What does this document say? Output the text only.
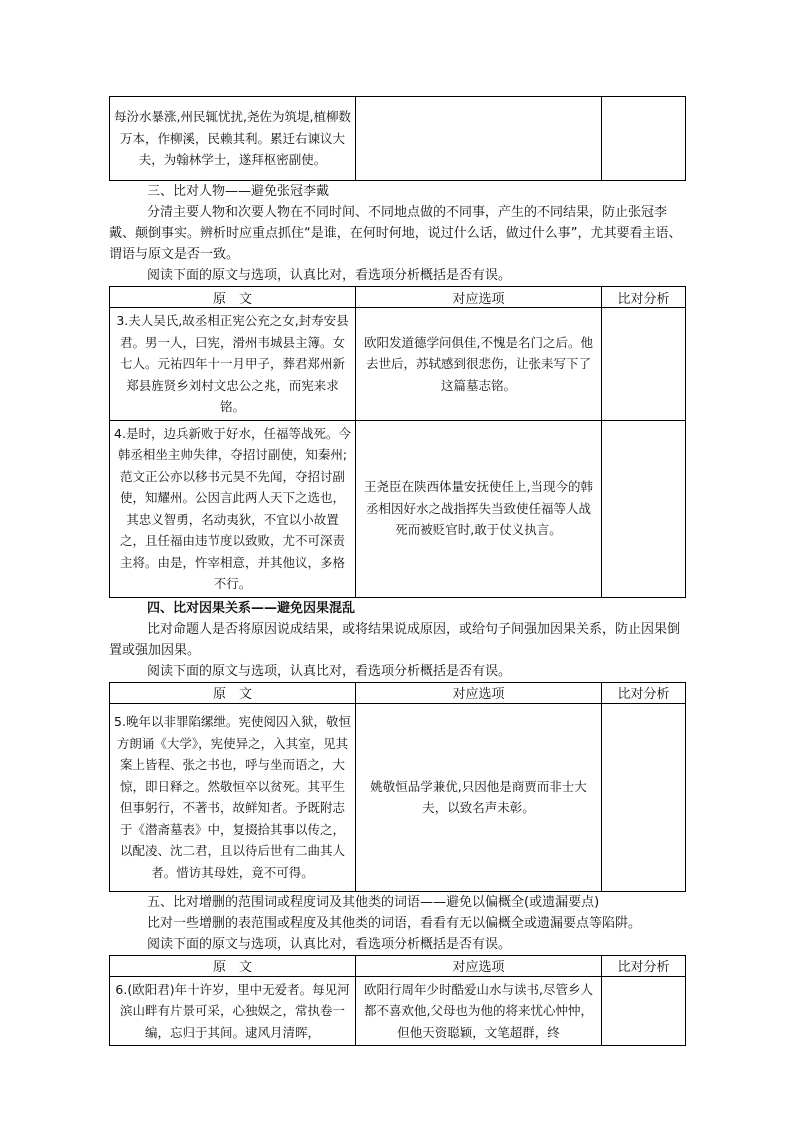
每汾水暴涨,州民辄忧扰,尧佐为筑堤,植柳数万本，作柳溪，民赖其利。累迁右谏议大夫，为翰林学士，遂拜枢密副使。		
三、比对人物——避免张冠李戴
分清主要人物和次要人物在不同时间、不同地点做的不同事，产生的不同结果，防止张冠李戴、颠倒事实。辨析时应重点抓住“是谁，在何时何地，说过什么话，做过什么事”，尤其要看主语、谓语与原文是否一致。
阅读下面的原文与选项，认真比对，看选项分析概括是否有误。
原　文	对应选项	比对分析
3.夫人吴氏,故丞相正宪公充之女,封寿安县君。男一人，曰宪，滑州韦城县主簿。女七人。元祐四年十一月甲子，葬君郑州新郑县旌贤乡刘村文忠公之兆，而宪来求铭。	欧阳发道德学问俱佳,不愧是名门之后。他去世后，苏轼感到很悲伤，让张耒写下了这篇墓志铭。	
4.是时，边兵新败于好水，任福等战死。今韩丞相坐主帅失律，夺招讨副使，知秦州;范文正公亦以移书元昊不先闻，夺招讨副使，知耀州。公因言此两人天下之选也，其忠义智勇，名动夷狄，不宜以小故置之，且任福由违节度以致败，尤不可深责主将。由是，忤宰相意，并其他议，多格不行。	王尧臣在陕西体量安抚使任上,当现今的韩丞相因好水之战指挥失当致使任福等人战死而被贬官时,敢于仗义执言。	
四、比对因果关系——避免因果混乱
比对命题人是否将原因说成结果，或将结果说成原因，或给句子间强加因果关系，防止因果倒置或强加因果。
阅读下面的原文与选项，认真比对，看选项分析概括是否有误。
原　文	对应选项	比对分析
5.晚年以非罪陷缧绁。宪使阅囚入狱，敬恒方朗诵《大学》，宪使异之，入其室，见其案上皆程、张之书也，呼与坐而语之，大惊，即日释之。然敬恒卒以贫死。其平生但事躬行，不著书，故鲜知者。予既附志于《潜斋墓表》中，复掇拾其事以传之，以配凌、沈二君，且以待后世有二曲其人者。惜访其母姓，竟不可得。	姚敬恒品学兼优,只因他是商贾而非士大夫，以致名声未彰。	
五、比对增删的范围词或程度词及其他类的词语——避免以偏概全(或遗漏要点)
比对一些增删的表范围或程度及其他类的词语，看看有无以偏概全或遗漏要点等陷阱。
阅读下面的原文与选项，认真比对，看选项分析概括是否有误。
原　文	对应选项	比对分析
6.(欧阳君)年十许岁，里中无爱者。每见河滨山畔有片景可采，心独娱之，常执卷一编，忘归于其间。逮风月清晖，	欧阳行周年少时酷爱山水与读书,尽管乡人都不喜欢他,父母也为他的将来忧心忡忡，但他天资聪颖，文笔超群，终	
